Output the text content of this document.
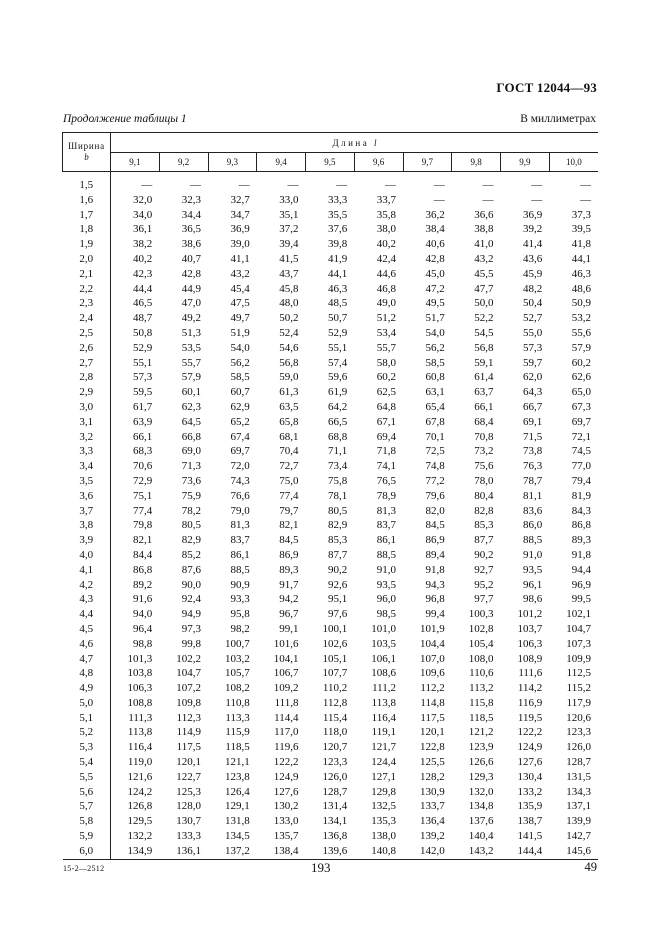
ГОСТ 12044—93
Продолжение таблицы 1	В миллиметрах
Ширина
b	Длина l									
	9,1	9,2	9,3	9,4	9,5	9,6	9,7	9,8	9,9	10,0

1,5	—	—	—	—	—	—	—	—	—	—
1,6	32,0	32,3	32,7	33,0	33,3	33,7	—	—	—	—
1,7	34,0	34,4	34,7	35,1	35,5	35,8	36,2	36,6	36,9	37,3
1,8	36,1	36,5	36,9	37,2	37,6	38,0	38,4	38,8	39,2	39,5
1,9	38,2	38,6	39,0	39,4	39,8	40,2	40,6	41,0	41,4	41,8
2,0	40,2	40,7	41,1	41,5	41,9	42,4	42,8	43,2	43,6	44,1
2,1	42,3	42,8	43,2	43,7	44,1	44,6	45,0	45,5	45,9	46,3
2,2	44,4	44,9	45,4	45,8	46,3	46,8	47,2	47,7	48,2	48,6
2,3	46,5	47,0	47,5	48,0	48,5	49,0	49,5	50,0	50,4	50,9
2,4	48,7	49,2	49,7	50,2	50,7	51,2	51,7	52,2	52,7	53,2
2,5	50,8	51,3	51,9	52,4	52,9	53,4	54,0	54,5	55,0	55,6
2,6	52,9	53,5	54,0	54,6	55,1	55,7	56,2	56,8	57,3	57,9
2,7	55,1	55,7	56,2	56,8	57,4	58,0	58,5	59,1	59,7	60,2
2,8	57,3	57,9	58,5	59,0	59,6	60,2	60,8	61,4	62,0	62,6
2,9	59,5	60,1	60,7	61,3	61,9	62,5	63,1	63,7	64,3	65,0
3,0	61,7	62,3	62,9	63,5	64,2	64,8	65,4	66,1	66,7	67,3
3,1	63,9	64,5	65,2	65,8	66,5	67,1	67,8	68,4	69,1	69,7
3,2	66,1	66,8	67,4	68,1	68,8	69,4	70,1	70,8	71,5	72,1
3,3	68,3	69,0	69,7	70,4	71,1	71,8	72,5	73,2	73,8	74,5
3,4	70,6	71,3	72,0	72,7	73,4	74,1	74,8	75,6	76,3	77,0
3,5	72,9	73,6	74,3	75,0	75,8	76,5	77,2	78,0	78,7	79,4
3,6	75,1	75,9	76,6	77,4	78,1	78,9	79,6	80,4	81,1	81,9
3,7	77,4	78,2	79,0	79,7	80,5	81,3	82,0	82,8	83,6	84,3
3,8	79,8	80,5	81,3	82,1	82,9	83,7	84,5	85,3	86,0	86,8
3,9	82,1	82,9	83,7	84,5	85,3	86,1	86,9	87,7	88,5	89,3
4,0	84,4	85,2	86,1	86,9	87,7	88,5	89,4	90,2	91,0	91,8
4,1	86,8	87,6	88,5	89,3	90,2	91,0	91,8	92,7	93,5	94,4
4,2	89,2	90,0	90,9	91,7	92,6	93,5	94,3	95,2	96,1	96,9
4,3	91,6	92,4	93,3	94,2	95,1	96,0	96,8	97,7	98,6	99,5
4,4	94,0	94,9	95,8	96,7	97,6	98,5	99,4	100,3	101,2	102,1
4,5	96,4	97,3	98,2	99,1	100,1	101,0	101,9	102,8	103,7	104,7
4,6	98,8	99,8	100,7	101,6	102,6	103,5	104,4	105,4	106,3	107,3
4,7	101,3	102,2	103,2	104,1	105,1	106,1	107,0	108,0	108,9	109,9
4,8	103,8	104,7	105,7	106,7	107,7	108,6	109,6	110,6	111,6	112,5
4,9	106,3	107,2	108,2	109,2	110,2	111,2	112,2	113,2	114,2	115,2
5,0	108,8	109,8	110,8	111,8	112,8	113,8	114,8	115,8	116,9	117,9
5,1	111,3	112,3	113,3	114,4	115,4	116,4	117,5	118,5	119,5	120,6
5,2	113,8	114,9	115,9	117,0	118,0	119,1	120,1	121,2	122,2	123,3
5,3	116,4	117,5	118,5	119,6	120,7	121,7	122,8	123,9	124,9	126,0
5,4	119,0	120,1	121,1	122,2	123,3	124,4	125,5	126,6	127,6	128,7
5,5	121,6	122,7	123,8	124,9	126,0	127,1	128,2	129,3	130,4	131,5
5,6	124,2	125,3	126,4	127,6	128,7	129,8	130,9	132,0	133,2	134,3
5,7	126,8	128,0	129,1	130,2	131,4	132,5	133,7	134,8	135,9	137,1
5,8	129,5	130,7	131,8	133,0	134,1	135,3	136,4	137,6	138,7	139,9
5,9	132,2	133,3	134,5	135,7	136,8	138,0	139,2	140,4	141,5	142,7
6,0	134,9	136,1	137,2	138,4	139,6	140,8	142,0	143,2	144,4	145,6
15-2—2512	193	49
